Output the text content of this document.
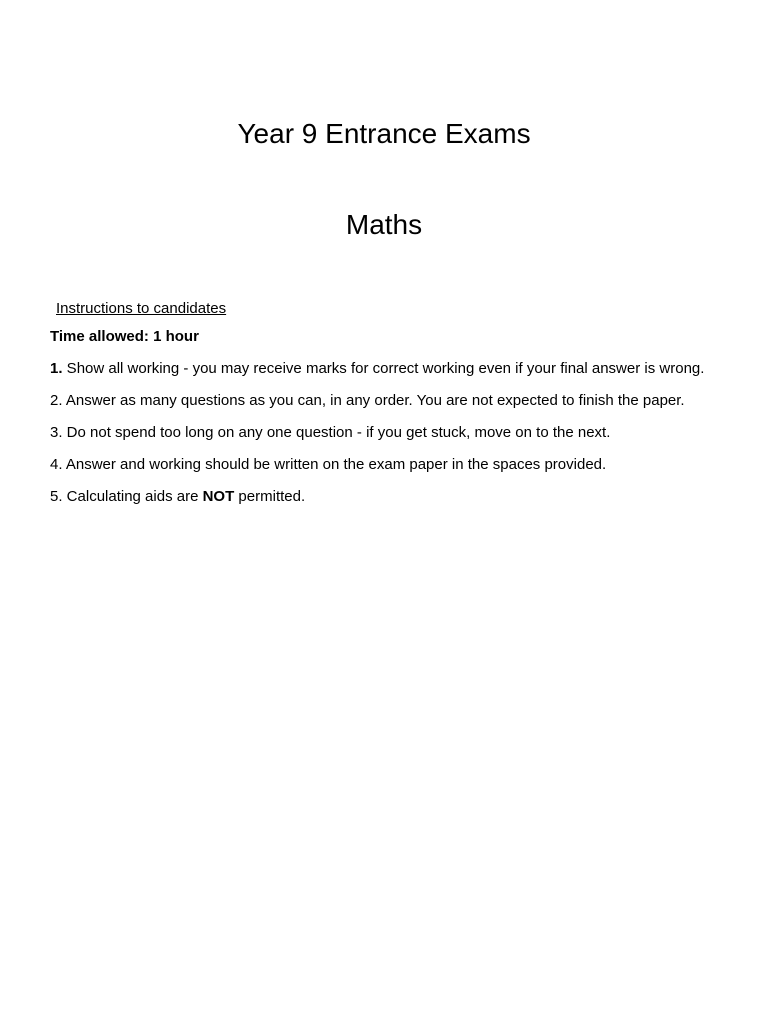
Year 9 Entrance Exams
Maths

Instructions to candidates

Time allowed: 1 hour

1. Show all working - you may receive marks for correct working even if your final answer is wrong.

2. Answer as many questions as you can, in any order. You are not expected to finish the paper.

3. Do not spend too long on any one question - if you get stuck, move on to the next.

4. Answer and working should be written on the exam paper in the spaces provided.

5. Calculating aids are NOT permitted.
